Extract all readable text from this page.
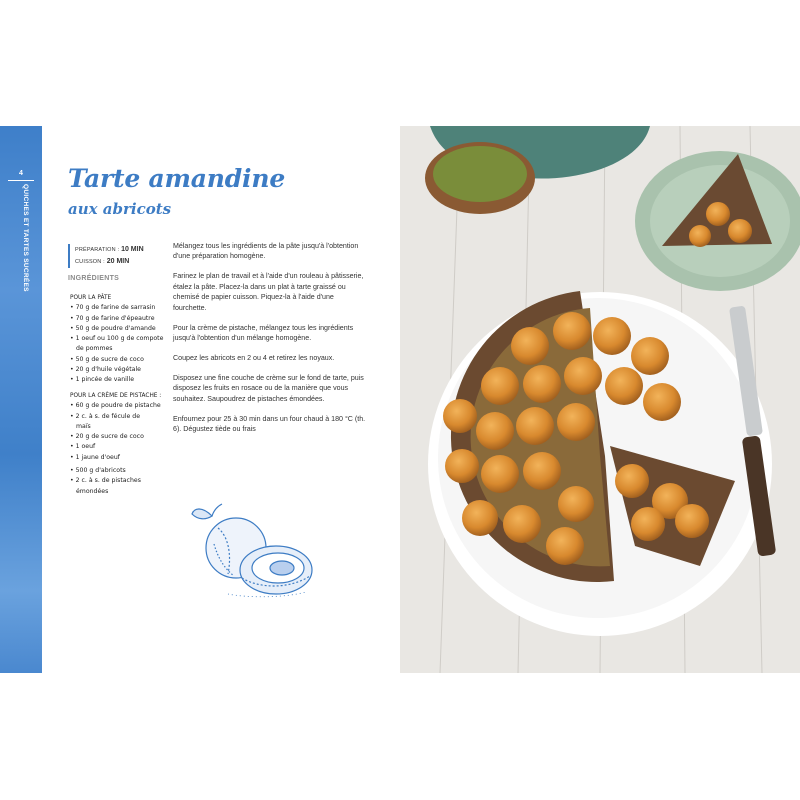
4
QUICHES ET TARTES SUCRÉES
Tarte amandine
aux abricots
PRÉPARATION : 10 MIN
CUISSON : 20 MIN
INGRÉDIENTS
POUR LA PÂTE
• 70 g de farine de sarrasin
• 70 g de farine d'épeautre
• 50 g de poudre d'amande
• 1 oeuf ou 100 g de compote
de pommes
• 50 g de sucre de coco
• 20 g d'huile végétale
• 1 pincée de vanille
POUR LA CRÈME DE PISTACHE :
• 60 g de poudre de pistache
• 2 c. à s. de fécule de
maïs
• 20 g de sucre de coco
• 1 oeuf
• 1 jaune d'oeuf
• 500 g d'abricots
• 2 c. à s. de pistaches
émondées

Mélangez tous les ingrédients de la pâte jusqu'à l'obtention d'une préparation homogène.

Farinez le plan de travail et à l'aide d'un rouleau à pâtisserie, étalez la pâte. Placez-la dans un plat à tarte graissé ou chemisé de papier cuisson. Piquez-la à l'aide d'une fourchette.

Pour la crème de pistache, mélangez tous les ingrédients jusqu'à l'obtention d'un mélange homogène.

Coupez les abricots en 2 ou 4 et retirez les noyaux.

Disposez une fine couche de crème sur le fond de tarte, puis disposez les fruits en rosace ou de la manière que vous souhaitez. Saupoudrez de pistaches émondées.

Enfournez pour 25 à 30 min dans un four chaud à 180 °C (th. 6). Dégustez tiède ou frais
